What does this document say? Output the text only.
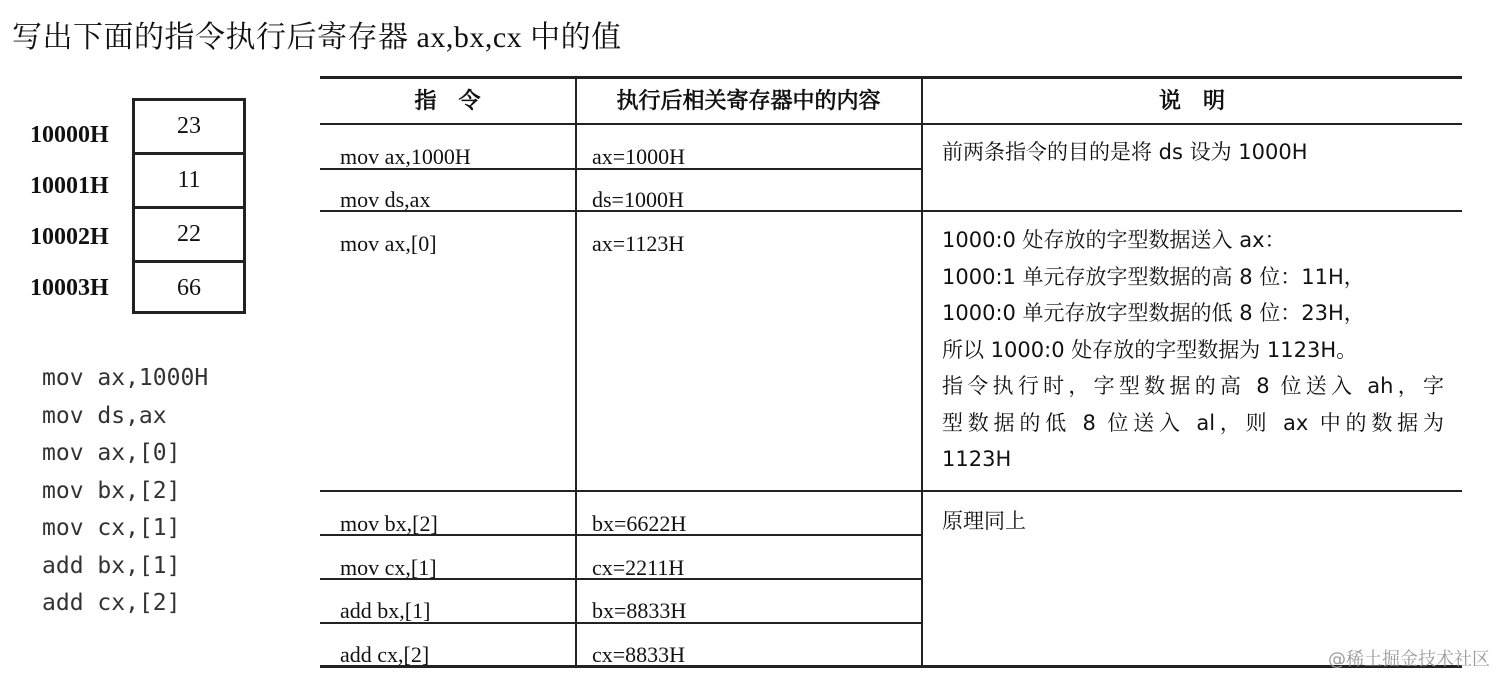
写出下面的指令执行后寄存器 ax,bx,cx 中的值
10000H
10001H
10002H
10003H
23
11
22
66
mov ax,1000H
mov ds,ax
mov ax,[0]
mov bx,[2]
mov cx,[1]
add bx,[1]
add cx,[2]
指　令	执行后相关寄存器中的内容	说　明
mov ax,1000H
mov ds,ax
mov ax,[0]
mov bx,[2]
mov cx,[1]
add bx,[1]
add cx,[2]
ax=1000H
ds=1000H
ax=1123H
bx=6622H
cx=2211H
bx=8833H
cx=8833H
前两条指令的目的是将 ds 设为 1000H
1000:0 处存放的字型数据送入 ax：
1000:1 单元存放字型数据的高 8 位：11H，
1000:0 单元存放字型数据的低 8 位：23H，
所以 1000:0 处存放的字型数据为 1123H。
指令执行时，字型数据的高 8 位送入 ah，字
型数据的低 8 位送入 al，则 ax 中的数据为
1123H
原理同上
@稀土掘金技术社区
